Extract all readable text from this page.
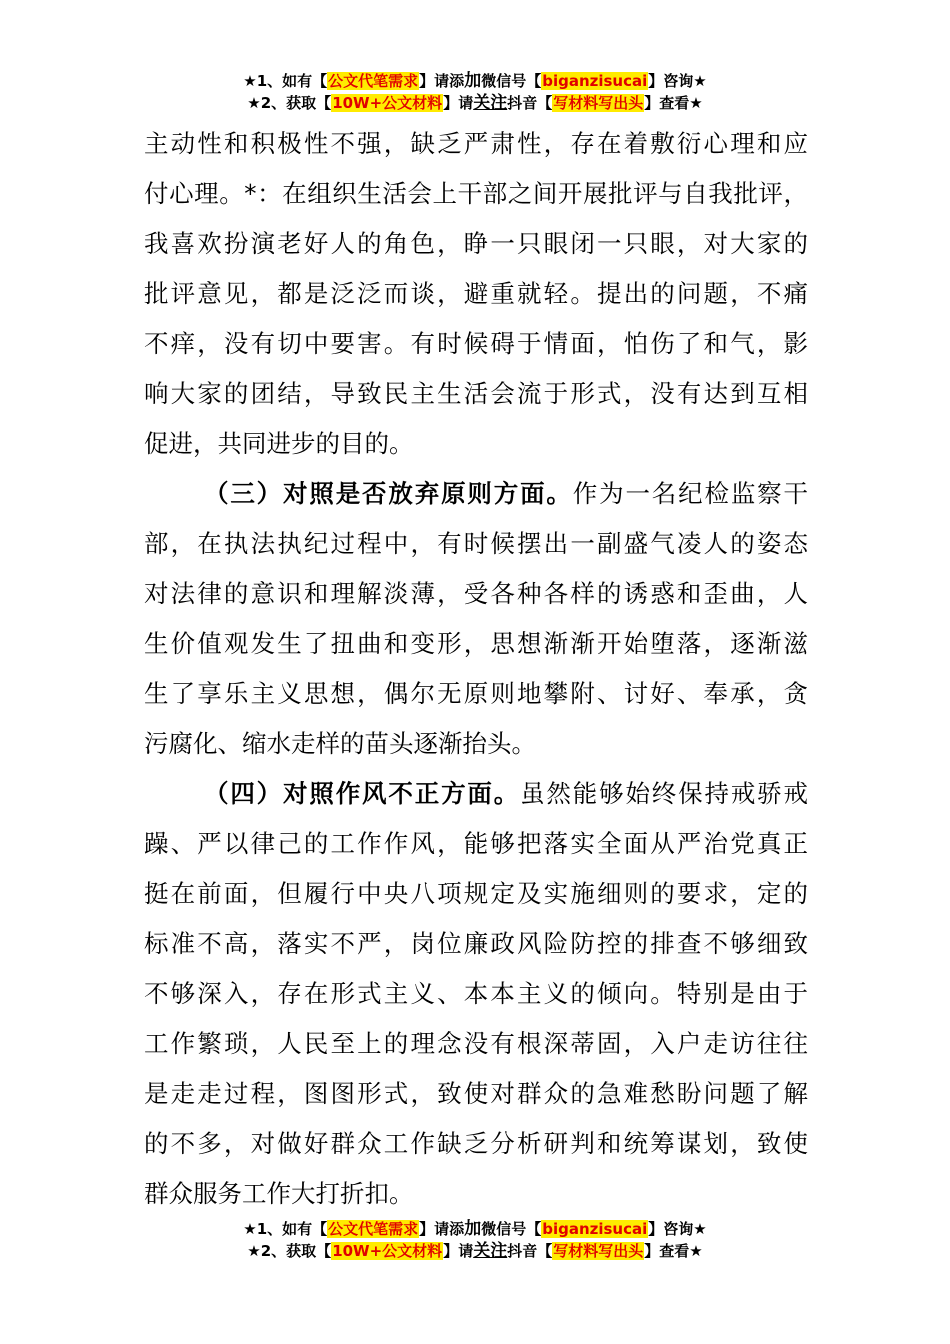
★1、如有【公文代笔需求】请添加微信号【biganzisucai】咨询★
★2、获取【10W+公文材料】请关注抖音【写材料写出头】查看★
主动性和积极性不强，缺乏严肃性，存在着敷衍心理和应
付心理。*：在组织生活会上干部之间开展批评与自我批评，
我喜欢扮演老好人的角色，睁一只眼闭一只眼，对大家的
批评意见，都是泛泛而谈，避重就轻。提出的问题，不痛
不痒，没有切中要害。有时候碍于情面，怕伤了和气，影
响大家的团结，导致民主生活会流于形式，没有达到互相
促进，共同进步的目的。
（三）对照是否放弃原则方面。作为一名纪检监察干
部，在执法执纪过程中，有时候摆出一副盛气凌人的姿态
对法律的意识和理解淡薄，受各种各样的诱惑和歪曲，人
生价值观发生了扭曲和变形，思想渐渐开始堕落，逐渐滋
生了享乐主义思想，偶尔无原则地攀附、讨好、奉承，贪
污腐化、缩水走样的苗头逐渐抬头。
（四）对照作风不正方面。虽然能够始终保持戒骄戒
躁、严以律己的工作作风，能够把落实全面从严治党真正
挺在前面，但履行中央八项规定及实施细则的要求，定的
标准不高，落实不严，岗位廉政风险防控的排查不够细致
不够深入，存在形式主义、本本主义的倾向。特别是由于
工作繁琐，人民至上的理念没有根深蒂固，入户走访往往
是走走过程，图图形式，致使对群众的急难愁盼问题了解
的不多，对做好群众工作缺乏分析研判和统筹谋划，致使
群众服务工作大打折扣。
★1、如有【公文代笔需求】请添加微信号【biganzisucai】咨询★
★2、获取【10W+公文材料】请关注抖音【写材料写出头】查看★
